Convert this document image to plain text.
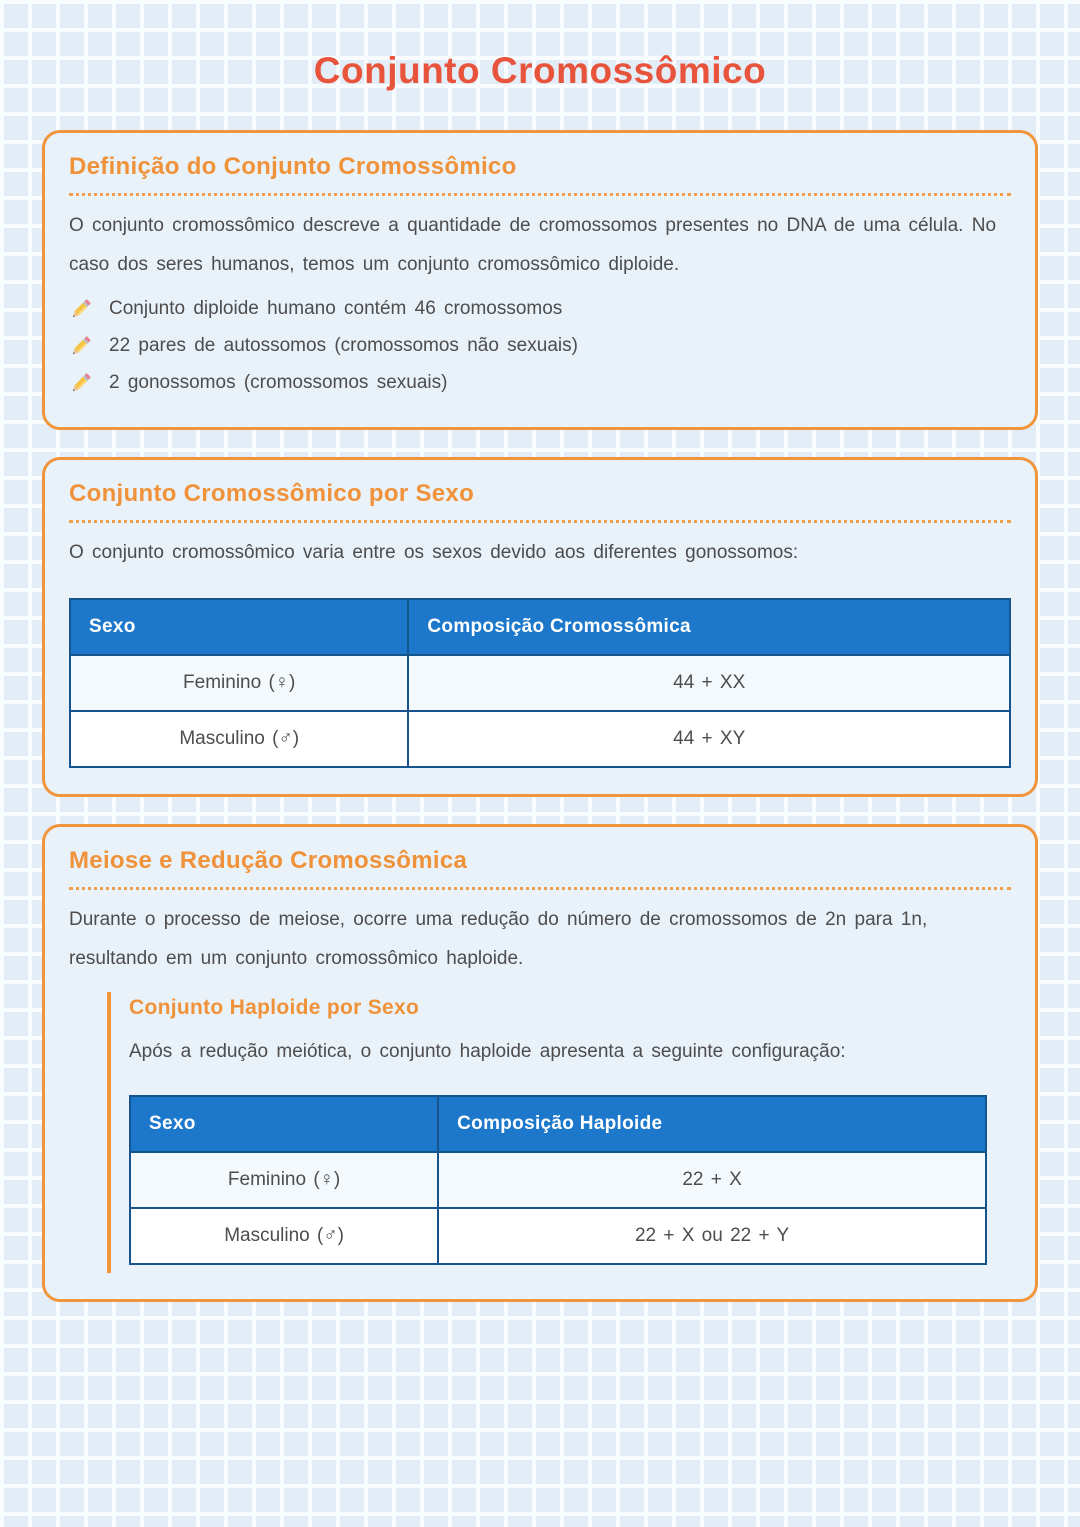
Conjunto Cromossômico
Definição do Conjunto Cromossômico

O conjunto cromossômico descreve a quantidade de cromossomos presentes no DNA de uma célula. No caso dos seres humanos, temos um conjunto cromossômico diploide.

Conjunto diploide humano contém 46 cromossomos
22 pares de autossomos (cromossomos não sexuais)
2 gonossomos (cromossomos sexuais)
Conjunto Cromossômico por Sexo

O conjunto cromossômico varia entre os sexos devido aos diferentes gonossomos:

Sexo	Composição Cromossômica
Feminino (♀)	44 + XX
Masculino (♂)	44 + XY
Meiose e Redução Cromossômica

Durante o processo de meiose, ocorre uma redução do número de cromossomos de 2n para 1n, resultando em um conjunto cromossômico haploide.

Conjunto Haploide por Sexo

Após a redução meiótica, o conjunto haploide apresenta a seguinte configuração:

Sexo	Composição Haploide
Feminino (♀)	22 + X
Masculino (♂)	22 + X ou 22 + Y
